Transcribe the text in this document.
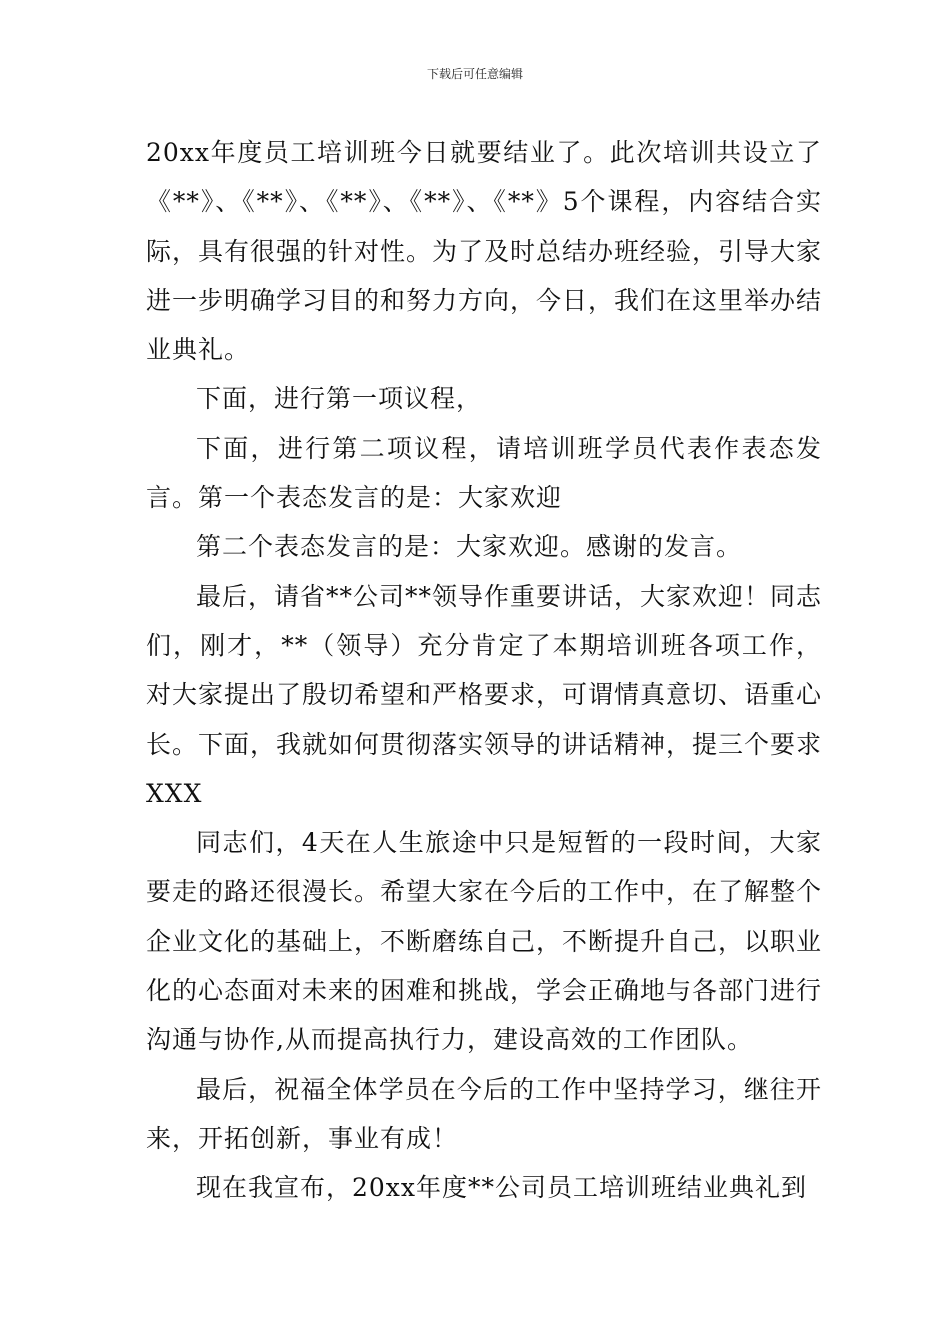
下载后可任意编辑

20xx年度员工培训班今日就要结业了。此次培训共设立了《**》、《**》、《**》、《**》、《**》5个课程，内容结合实际，具有很强的针对性。为了及时总结办班经验，引导大家进一步明确学习目的和努力方向，今日，我们在这里举办结业典礼。

下面，进行第一项议程，

下面，进行第二项议程，请培训班学员代表作表态发言。第一个表态发言的是：大家欢迎

第二个表态发言的是：大家欢迎。感谢的发言。

最后，请省**公司**领导作重要讲话，大家欢迎！同志们，刚才，**（领导）充分肯定了本期培训班各项工作，对大家提出了殷切希望和严格要求，可谓情真意切、语重心长。下面，我就如何贯彻落实领导的讲话精神，提三个要求XXX

同志们，4天在人生旅途中只是短暂的一段时间，大家要走的路还很漫长。希望大家在今后的工作中，在了解整个企业文化的基础上，不断磨练自己，不断提升自己，以职业化的心态面对未来的困难和挑战，学会正确地与各部门进行沟通与协作,从而提高执行力，建设高效的工作团队。

最后，祝福全体学员在今后的工作中坚持学习，继往开来，开拓创新，事业有成！

现在我宣布，20xx年度**公司员工培训班结业典礼到
